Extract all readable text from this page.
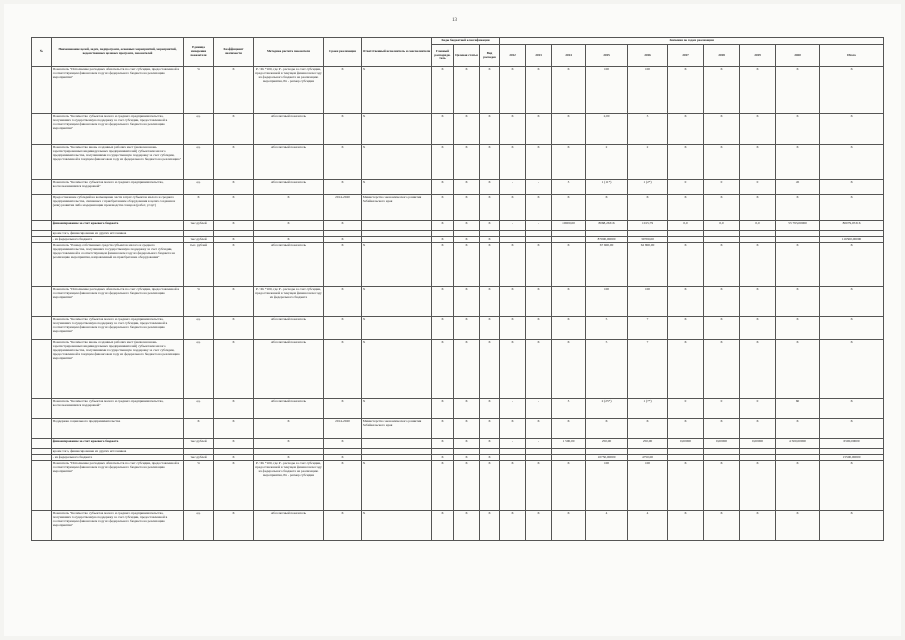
13
№	Наименование целей, задач, подпрограмм, основных мероприятий, мероприятий, ведомственных целевых программ, показателей	Единица измерения показателя	Коэффициент значимости	Методика расчета показателя	Сроки реализации	Ответственный исполнитель и соисполнители	Коды бюджетной классификации			Значения по годам реализации									
							Главный распоряди-тель	Целевая статья	Вид расходов	2012	2013	2014	2015	2016	2017	2018	2019	2020	Итого
	Показатель "Исполнение расходных обязательств по счет субсидии, предоставленной в соответствующем финансовом году из федерального бюджета на реализацию мероприятия"	%	X	P / Pn *100, где P - расходы за счет субсидии, предоставленной в текущем финансовом году из федерального бюджета на реализацию мероприятия, Pn - размер субсидии	X	X	X	X	X	X	X	X	100	100	X	X	X	X	X
	Показатель "Количество субъектов малого и среднего предпринимательства, получивших государственную поддержку за счет субсидии, предоставленной в соответствующем финансовом году из федерального бюджета на реализацию мероприятия"	ед.	X	Абсолютный показатель	X	X	X	X	X	X	X	X	2,00	3	X	X	X	X	X
	Показатель "Количество вновь созданных рабочих мест (включая вновь зарегистрированных индивидуальных предпринимателей) субъектами малого предпринимательства, получившими государственную поддержку за счет субсидии, предоставленной в текущем финансовом году из федерального бюджета на реализацию"	ед.	X	Абсолютный показатель	X	X	X	X	X	X	X	X	2	2	X	X	X	X	X
	Показатель "Количество субъектов малого и среднего предпринимательства, воспользовавшихся поддержкой"	ед.	X	Абсолютный показатель	X	X	X	X	X	-	-	3	1 (11*)	1 (2*)	0	0	0	45	X
	Предоставление субсидий на возмещение части затрат субъектов малого и среднего предпринимательства, связанных с приобретением оборудования в целях создания и (или) развития либо модернизации производства товаров (работ, услуг)	X	X	X	2014-2020	Министерство экономического развития Забайкальского края	X	X	X	X	X	X	X	X	X	X	X	X	X
	финансирование за счет краевого бюджета	тыс.рублей	X	X	X		X	X	X	-	-	10000,00	8068,26316	1015,79	0,0	0,0	0,0	53 793,00000	80079,05316
	кроме того, финансирование из других источников																		
	- из федерального бюджета	тыс.рублей	X	X	X		X	X	X				87000,00000	30700,00					116500,00000
	Показатель "Размер собственных средств субъектов малого и среднего предпринимательства, получивших государственную поддержку за счет субсидии, предоставленной в соответствующем финансовом году из федерального бюджета на реализацию мероприятия, направленный на приобретение оборудования"	тыс. рублей	X	Абсолютный показатель	X	X	X	X	X	X	X	X	67 600,00	62 800,00	X	X	X	X	X
	Показатель "Исполнение расходных обязательств по счет субсидии, предоставленной в соответствующем финансовом году из федерального бюджета на реализацию мероприятия"	%	X	P / Pn *100, где P - расходы за счет субсидии, предоставленной в текущем финансовом году из федерального бюджета	X	X	X	X	X	X	X	X	100	100	X	X	X	X	X
	Показатель "Количество субъектов малого и среднего предпринимательства, получивших государственную поддержку за счет субсидии, предоставленной в соответствующем финансовом году из федерального бюджета на реализацию мероприятия"	ед.	X	Абсолютный показатель	X	X	X	X	X	X	X	X	5	7	X	X	X	X	X
	Показатель "Количество вновь созданных рабочих мест (включая вновь зарегистрированных индивидуальных предпринимателей) субъектами малого предпринимательства, получившими государственную поддержку за счет субсидии, предоставленной в текущем финансовом году из федерального бюджета на реализацию мероприятия"	ед.	X	Абсолютный показатель	X	X	X	X	X	X	X	X	5	7	X	X	X	X	X
	Показатель "Количество субъектов малого и среднего предпринимательства, воспользовавшихся поддержкой"	ед.	X	Абсолютный показатель	X	X	X	X	X	-	-	3	2 (25*)	1 (7*)	0	0	0	60	X
	Поддержка социального предпринимательства	X	X	X	2014-2020	Министерство экономического развития Забайкальского края	X	X	X	X	X	X	X	X	X	X	X	X	X
	финансирование за счет краевого бюджета	тыс.рублей	X	X	X		X	X	X	-	-	1 500,00	250,00	250,00	0,00000	0,00000	0,00000	4 500,00000	6500,00000
	кроме того, финансирование из других источников																		
	- из федерального бюджета	тыс.рублей	X	X	X		X	X	X				10750,00000	4750,00					15500,00000
	Показатель "Исполнение расходных обязательств по счет субсидии, предоставленной в соответствующем финансовом году из федерального бюджета на реализацию мероприятия"	%	X	P / Pn *100, где P - расходы за счет субсидии, предоставленной в текущем финансовом году из федерального бюджета на реализацию мероприятия, Pn - размер субсидии	X	X	X	X	X	X	X	X	100	100	X	X	X	X	X
	Показатель "Количество субъектов малого и среднего предпринимательства, получивших государственную поддержку за счет субсидии, предоставленной в соответствующем финансовом году из федерального бюджета на реализацию мероприятия"	ед.	X	Абсолютный показатель	X	X	X	X	X	X	X	X	4	4	X	X	X	X	X
